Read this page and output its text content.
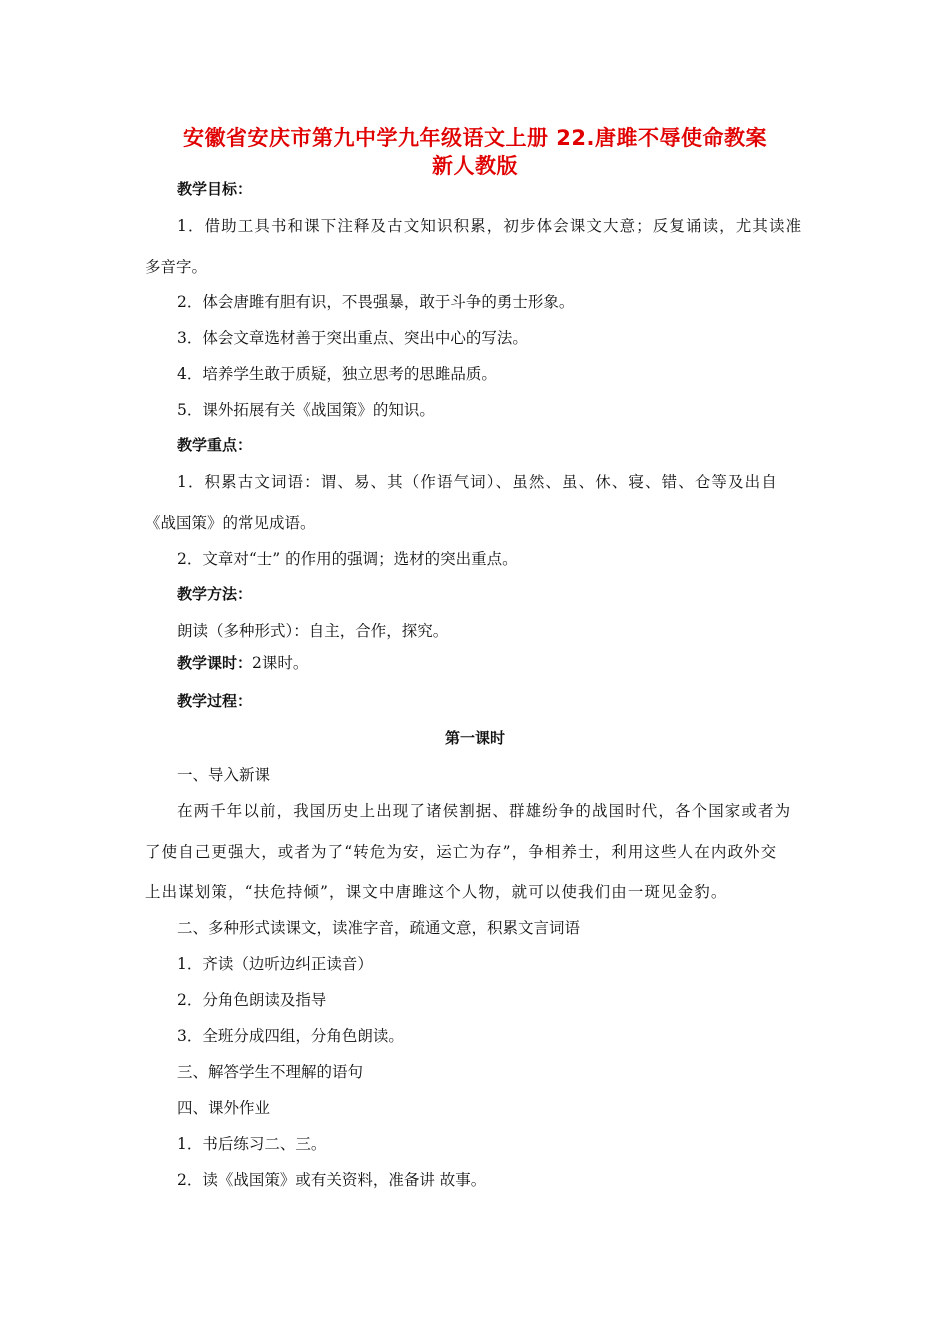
安徽省安庆市第九中学九年级语文上册 22.唐雎不辱使命教案
新人教版
教学目标：
1．借助工具书和课下注释及古文知识积累，初步体会课文大意；反复诵读，尤其读准
多音字。
2．体会唐雎有胆有识，不畏强暴，敢于斗争的勇士形象。
3．体会文章选材善于突出重点、突出中心的写法。
4．培养学生敢于质疑，独立思考的思雎品质。
5．课外拓展有关《战国策》的知识。
教学重点：
1．积累古文词语：谓、易、其（作语气词）、虽然、虽、休、寝、错、仓等及出自
《战国策》的常见成语。
2．文章对“士” 的作用的强调；选材的突出重点。
教学方法：
朗读（多种形式）：自主，合作，探究。
教学课时：2课时。
教学过程：
第一课时
一、导入新课
在两千年以前，我国历史上出现了诸侯割据、群雄纷争的战国时代，各个国家或者为
了使自己更强大，或者为了“转危为安，运亡为存”，争相养士，利用这些人在内政外交
上出谋划策，“扶危持倾”，课文中唐雎这个人物，就可以使我们由一斑见金豹。
二、多种形式读课文，读准字音，疏通文意，积累文言词语
1．齐读（边听边纠正读音）
2．分角色朗读及指导
3．全班分成四组，分角色朗读。
三、解答学生不理解的语句
四、课外作业
1．书后练习二、三。
2．读《战国策》或有关资料，准备讲 故事。
